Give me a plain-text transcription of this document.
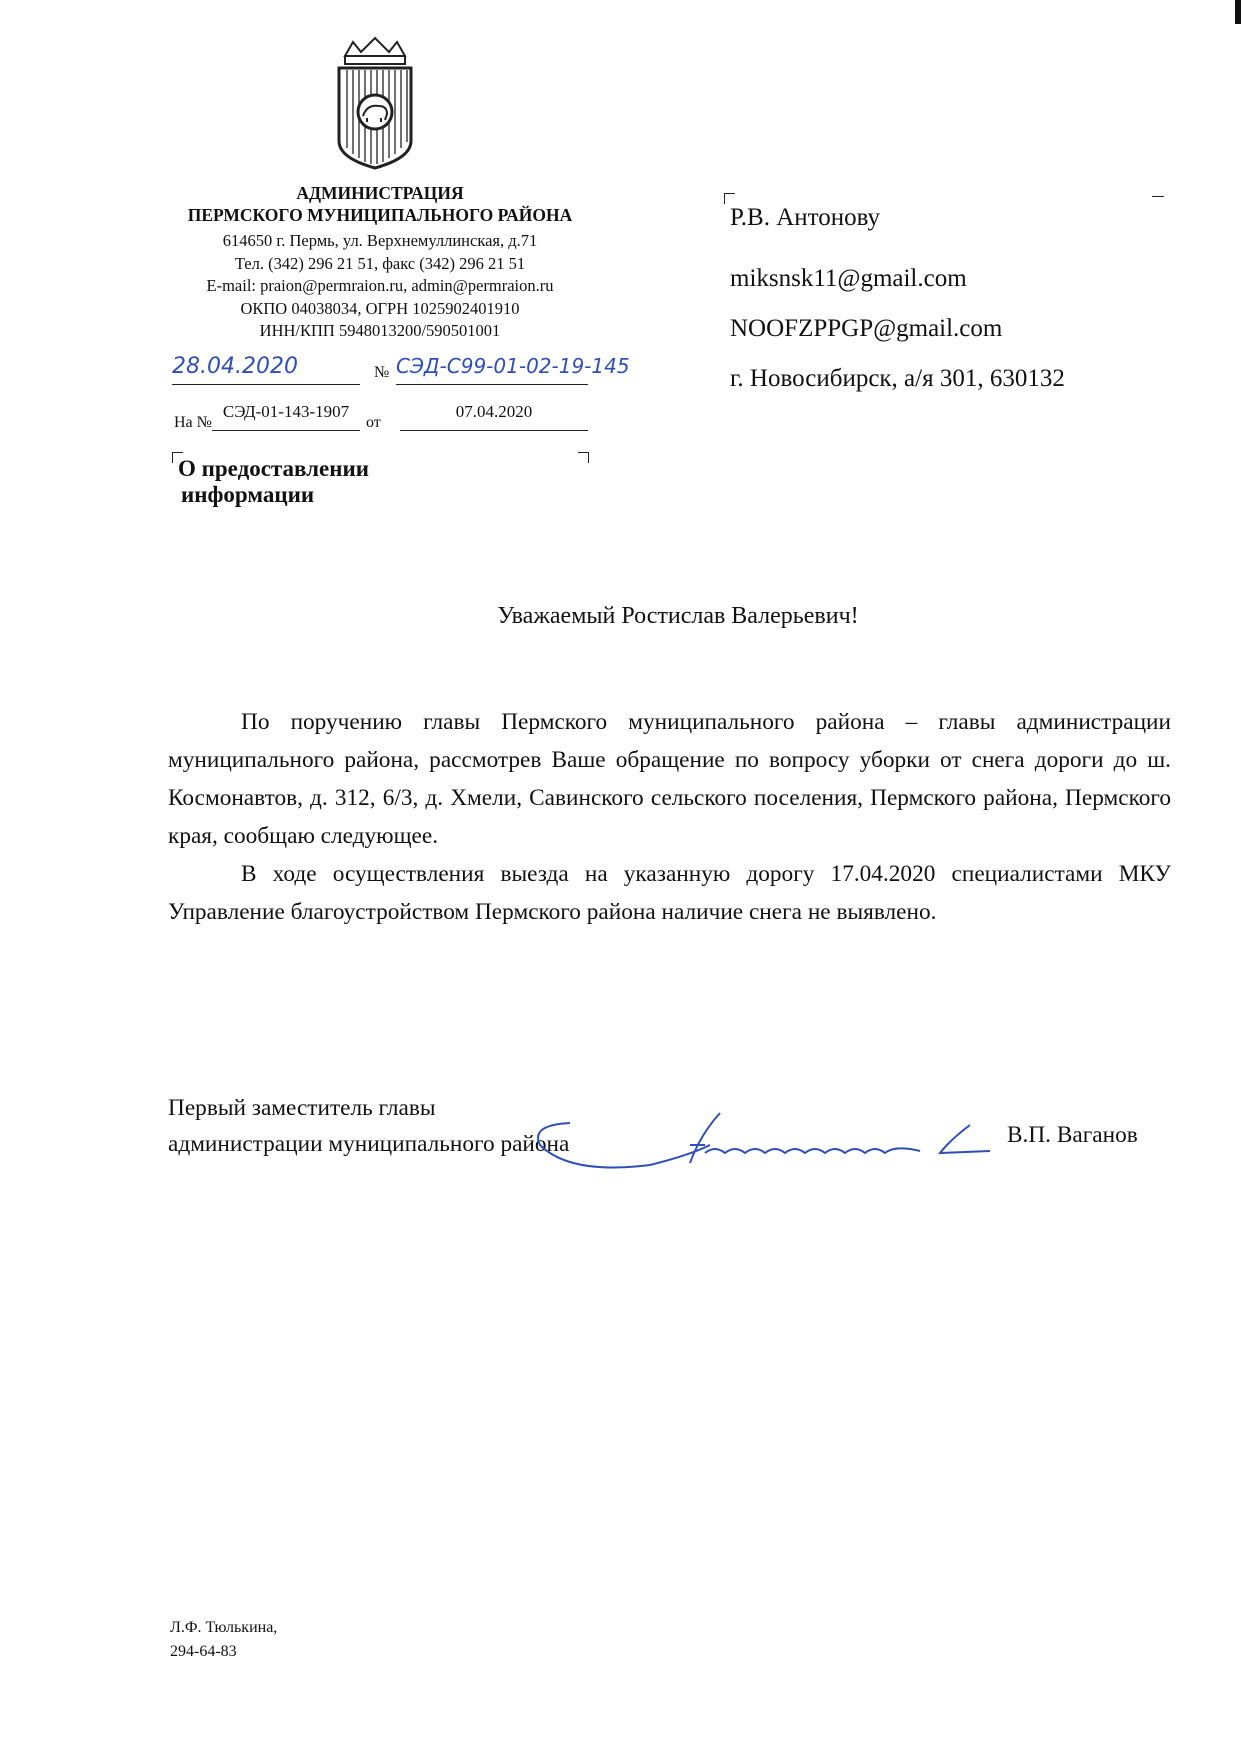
АДМИНИСТРАЦИЯ
ПЕРМСКОГО МУНИЦИПАЛЬНОГО РАЙОНА
614650 г. Пермь, ул. Верхнемуллинская, д.71
Тел. (342) 296 21 51, факс (342) 296 21 51
E-mail: praion@permraion.ru, admin@permraion.ru
ОКПО 04038034, ОГРН 1025902401910
ИНН/КПП 5948013200/590501001
28.04.2020	№ СЭД-С99-01-02-19-145
На №
СЭД-01-143-1907
от
07.04.2020
О предоставлении
информации
Р.В. Антонову
miksnsk11@gmail.com
NOOFZPPGP@gmail.com
г. Новосибирск, а/я 301, 630132
Уважаемый Ростислав Валерьевич!

По поручению главы Пермского муниципального района – главы администрации муниципального района, рассмотрев Ваше обращение по вопросу уборки от снега дороги до ш. Космонавтов, д. 312, 6/3, д. Хмели, Савинского сельского поселения, Пермского района, Пермского края, сообщаю следующее.

В ходе осуществления выезда на указанную дорогу 17.04.2020 специалистами МКУ Управление благоустройством Пермского района наличие снега не выявлено.

Первый заместитель главы
администрации муниципального района	В.П. Ваганов
Л.Ф. Тюлькина,
294-64-83
